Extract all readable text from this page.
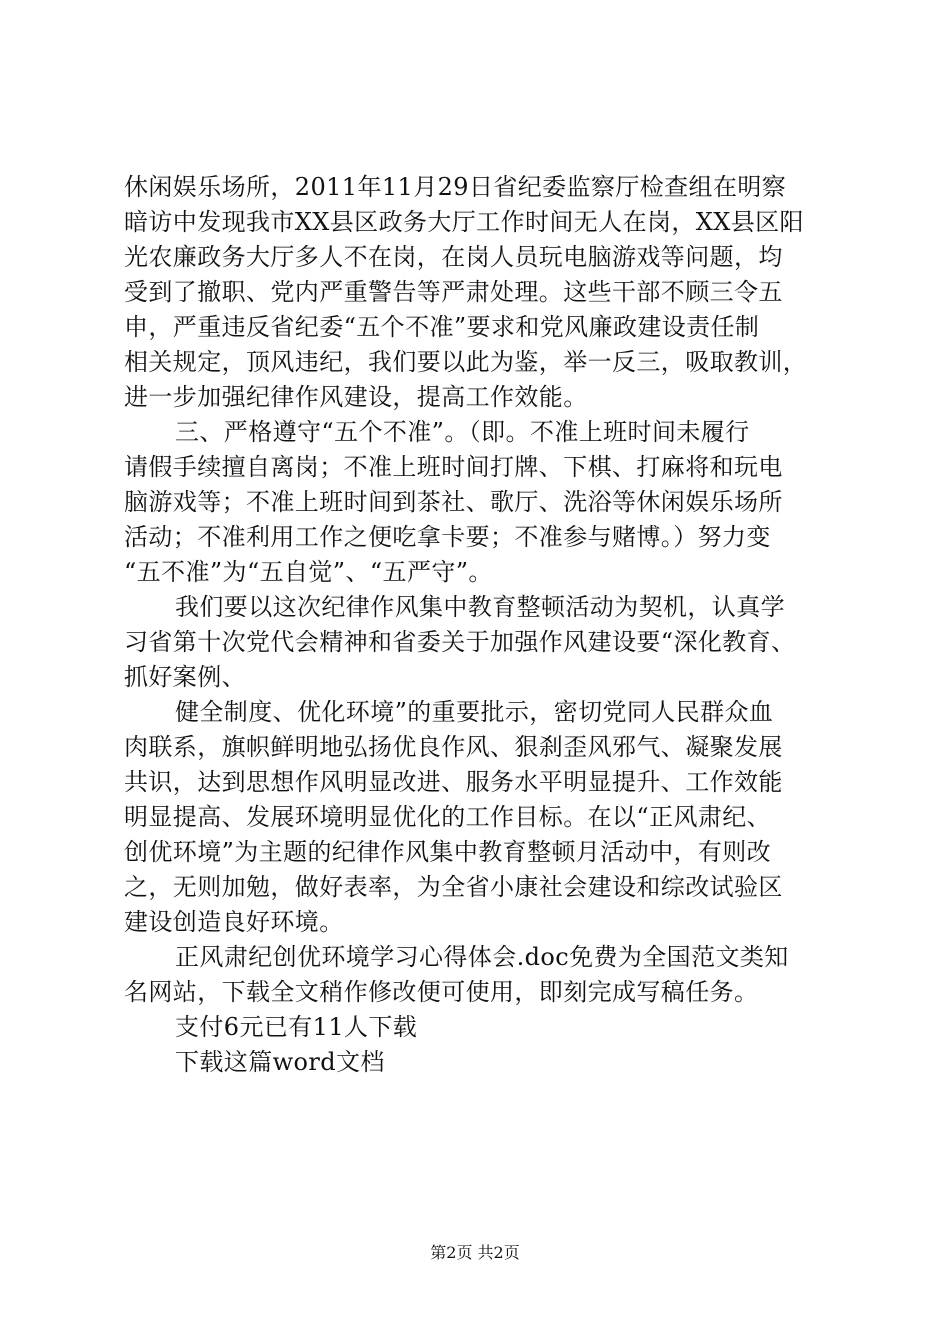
休闲娱乐场所，2011年11月29日省纪委监察厅检查组在明察
暗访中发现我市XX县区政务大厅工作时间无人在岗，XX县区阳
光农廉政务大厅多人不在岗，在岗人员玩电脑游戏等问题，均
受到了撤职、党内严重警告等严肃处理。这些干部不顾三令五
申，严重违反省纪委“五个不准”要求和党风廉政建设责任制
相关规定，顶风违纪，我们要以此为鉴，举一反三，吸取教训，
进一步加强纪律作风建设，提高工作效能。
三、严格遵守“五个不准”。（即。不准上班时间未履行
请假手续擅自离岗；不准上班时间打牌、下棋、打麻将和玩电
脑游戏等；不准上班时间到茶社、歌厅、洗浴等休闲娱乐场所
活动；不准利用工作之便吃拿卡要；不准参与赌博。）努力变
“五不准”为“五自觉”、“五严守”。
我们要以这次纪律作风集中教育整顿活动为契机，认真学
习省第十次党代会精神和省委关于加强作风建设要“深化教育、
抓好案例、
健全制度、优化环境”的重要批示，密切党同人民群众血
肉联系，旗帜鲜明地弘扬优良作风、狠刹歪风邪气、凝聚发展
共识，达到思想作风明显改进、服务水平明显提升、工作效能
明显提高、发展环境明显优化的工作目标。在以“正风肃纪、
创优环境”为主题的纪律作风集中教育整顿月活动中，有则改
之，无则加勉，做好表率，为全省小康社会建设和综改试验区
建设创造良好环境。
正风肃纪创优环境学习心得体会.doc免费为全国范文类知
名网站，下载全文稍作修改便可使用，即刻完成写稿任务。
支付6元已有11人下载
下载这篇word文档
第2页 共2页
